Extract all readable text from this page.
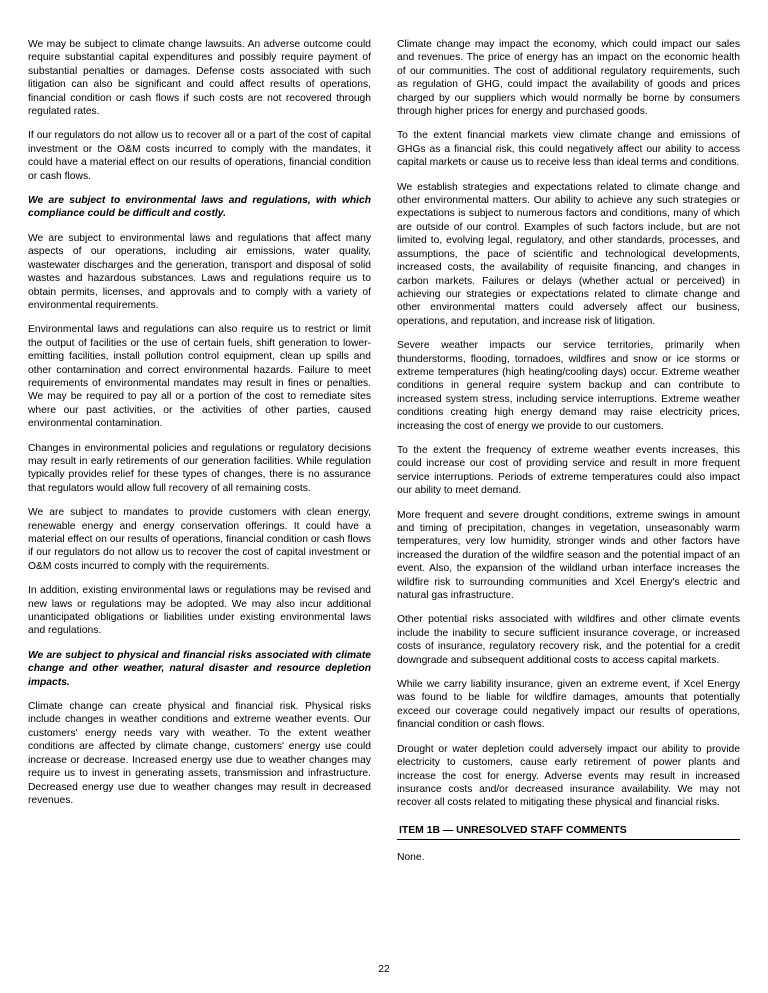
We may be subject to climate change lawsuits. An adverse outcome could require substantial capital expenditures and possibly require payment of substantial penalties or damages. Defense costs associated with such litigation can also be significant and could affect results of operations, financial condition or cash flows if such costs are not recovered through regulated rates.

If our regulators do not allow us to recover all or a part of the cost of capital investment or the O&M costs incurred to comply with the mandates, it could have a material effect on our results of operations, financial condition or cash flows.

We are subject to environmental laws and regulations, with which compliance could be difficult and costly.

We are subject to environmental laws and regulations that affect many aspects of our operations, including air emissions, water quality, wastewater discharges and the generation, transport and disposal of solid wastes and hazardous substances. Laws and regulations require us to obtain permits, licenses, and approvals and to comply with a variety of environmental requirements.

Environmental laws and regulations can also require us to restrict or limit the output of facilities or the use of certain fuels, shift generation to lower-emitting facilities, install pollution control equipment, clean up spills and other contamination and correct environmental hazards. Failure to meet requirements of environmental mandates may result in fines or penalties. We may be required to pay all or a portion of the cost to remediate sites where our past activities, or the activities of other parties, caused environmental contamination.

Changes in environmental policies and regulations or regulatory decisions may result in early retirements of our generation facilities. While regulation typically provides relief for these types of changes, there is no assurance that regulators would allow full recovery of all remaining costs.

We are subject to mandates to provide customers with clean energy, renewable energy and energy conservation offerings. It could have a material effect on our results of operations, financial condition or cash flows if our regulators do not allow us to recover the cost of capital investment or O&M costs incurred to comply with the requirements.

In addition, existing environmental laws or regulations may be revised and new laws or regulations may be adopted. We may also incur additional unanticipated obligations or liabilities under existing environmental laws and regulations.

We are subject to physical and financial risks associated with climate change and other weather, natural disaster and resource depletion impacts.

Climate change can create physical and financial risk. Physical risks include changes in weather conditions and extreme weather events. Our customers' energy needs vary with weather. To the extent weather conditions are affected by climate change, customers' energy use could increase or decrease. Increased energy use due to weather changes may require us to invest in generating assets, transmission and infrastructure. Decreased energy use due to weather changes may result in decreased revenues.

Climate change may impact the economy, which could impact our sales and revenues. The price of energy has an impact on the economic health of our communities. The cost of additional regulatory requirements, such as regulation of GHG, could impact the availability of goods and prices charged by our suppliers which would normally be borne by consumers through higher prices for energy and purchased goods.

To the extent financial markets view climate change and emissions of GHGs as a financial risk, this could negatively affect our ability to access capital markets or cause us to receive less than ideal terms and conditions.

We establish strategies and expectations related to climate change and other environmental matters. Our ability to achieve any such strategies or expectations is subject to numerous factors and conditions, many of which are outside of our control. Examples of such factors include, but are not limited to, evolving legal, regulatory, and other standards, processes, and assumptions, the pace of scientific and technological developments, increased costs, the availability of requisite financing, and changes in carbon markets. Failures or delays (whether actual or perceived) in achieving our strategies or expectations related to climate change and other environmental matters could adversely affect our business, operations, and reputation, and increase risk of litigation.

Severe weather impacts our service territories, primarily when thunderstorms, flooding, tornadoes, wildfires and snow or ice storms or extreme temperatures (high heating/cooling days) occur. Extreme weather conditions in general require system backup and can contribute to increased system stress, including service interruptions. Extreme weather conditions creating high energy demand may raise electricity prices, increasing the cost of energy we provide to our customers.

To the extent the frequency of extreme weather events increases, this could increase our cost of providing service and result in more frequent service interruptions. Periods of extreme temperatures could also impact our ability to meet demand.

More frequent and severe drought conditions, extreme swings in amount and timing of precipitation, changes in vegetation, unseasonably warm temperatures, very low humidity, stronger winds and other factors have increased the duration of the wildfire season and the potential impact of an event. Also, the expansion of the wildland urban interface increases the wildfire risk to surrounding communities and Xcel Energy's electric and natural gas infrastructure.

Other potential risks associated with wildfires and other climate events include the inability to secure sufficient insurance coverage, or increased costs of insurance, regulatory recovery risk, and the potential for a credit downgrade and subsequent additional costs to access capital markets.

While we carry liability insurance, given an extreme event, if Xcel Energy was found to be liable for wildfire damages, amounts that potentially exceed our coverage could negatively impact our results of operations, financial condition or cash flows.

Drought or water depletion could adversely impact our ability to provide electricity to customers, cause early retirement of power plants and increase the cost for energy. Adverse events may result in increased insurance costs and/or decreased insurance availability. We may not recover all costs related to mitigating these physical and financial risks.

ITEM 1B — UNRESOLVED STAFF COMMENTS

None.

22
